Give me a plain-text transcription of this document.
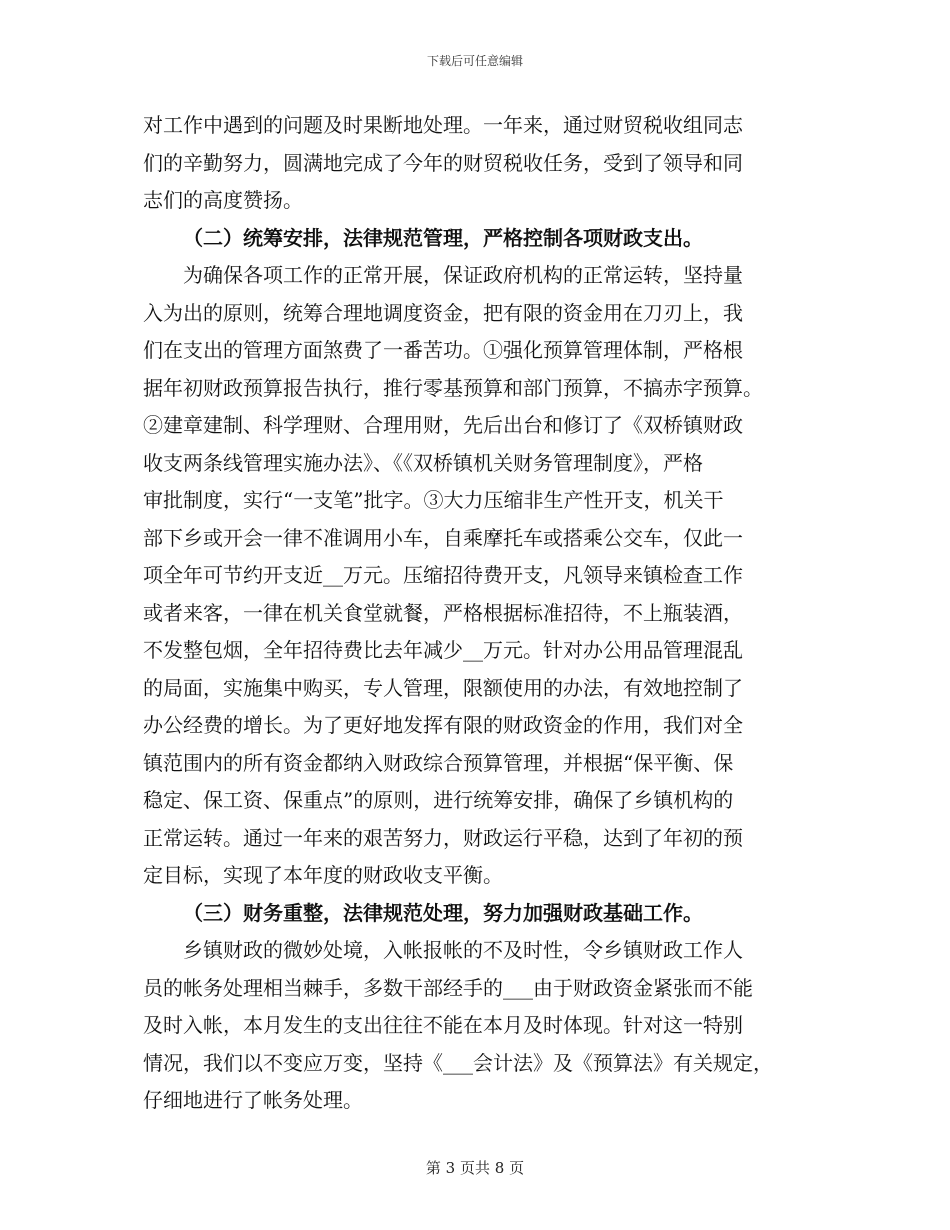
下载后可任意编辑
对工作中遇到的问题及时果断地处理。一年来，通过财贸税收组同志
们的辛勤努力，圆满地完成了今年的财贸税收任务，受到了领导和同
志们的高度赞扬。
（二）统筹安排，法律规范管理，严格控制各项财政支出。
为确保各项工作的正常开展，保证政府机构的正常运转，坚持量
入为出的原则，统筹合理地调度资金，把有限的资金用在刀刃上，我
们在支出的管理方面煞费了一番苦功。①强化预算管理体制，严格根
据年初财政预算报告执行，推行零基预算和部门预算，不搞赤字预算。
②建章建制、科学理财、合理用财，先后出台和修订了《双桥镇财政
收支两条线管理实施办法》、《《双桥镇机关财务管理制度》，严格
审批制度，实行“一支笔”批字。③大力压缩非生产性开支，机关干
部下乡或开会一律不准调用小车，自乘摩托车或搭乘公交车，仅此一
项全年可节约开支近__万元。压缩招待费开支，凡领导来镇检查工作
或者来客，一律在机关食堂就餐，严格根据标准招待，不上瓶装酒，
不发整包烟，全年招待费比去年减少__万元。针对办公用品管理混乱
的局面，实施集中购买，专人管理，限额使用的办法，有效地控制了
办公经费的增长。为了更好地发挥有限的财政资金的作用，我们对全
镇范围内的所有资金都纳入财政综合预算管理，并根据“保平衡、保
稳定、保工资、保重点”的原则，进行统筹安排，确保了乡镇机构的
正常运转。通过一年来的艰苦努力，财政运行平稳，达到了年初的预
定目标，实现了本年度的财政收支平衡。
（三）财务重整，法律规范处理，努力加强财政基础工作。
乡镇财政的微妙处境，入帐报帐的不及时性，令乡镇财政工作人
员的帐务处理相当棘手，多数干部经手的___由于财政资金紧张而不能
及时入帐，本月发生的支出往往不能在本月及时体现。针对这一特别
情况，我们以不变应万变，坚持《___会计法》及《预算法》有关规定，
仔细地进行了帐务处理。
第 3 页共 8 页
